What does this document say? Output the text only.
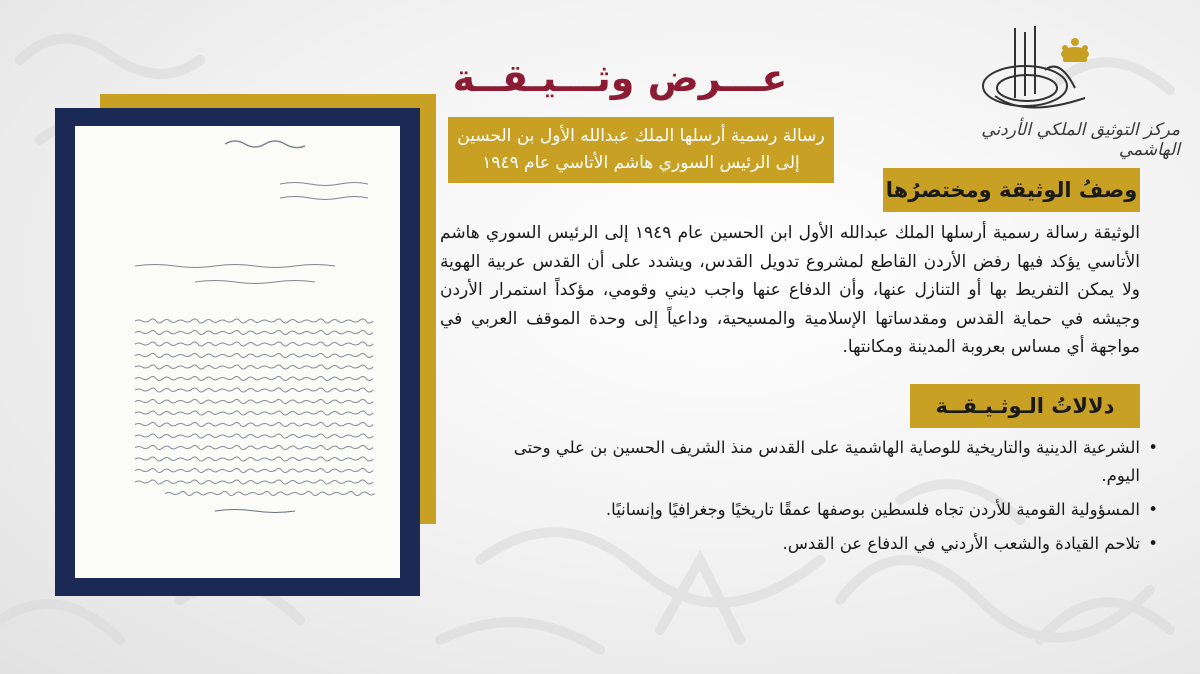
مركز التوثيق الملكي الأردني الهاشمي
عـــرض وثـــيـقــة
رسالة رسمية أرسلها الملك عبدالله الأول بن الحسين
إلى الرئيس السوري هاشم الأتاسي عام ١٩٤٩
وصفُ الوثيقة ومختصرُها
الوثيقة رسالة رسمية أرسلها الملك عبدالله الأول ابن الحسين عام ١٩٤٩ إلى الرئيس السوري هاشم الأتاسي يؤكد فيها رفض الأردن القاطع لمشروع تدويل القدس، ويشدد على أن القدس عربية الهوية ولا يمكن التفريط بها أو التنازل عنها، وأن الدفاع عنها واجب ديني وقومي، مؤكداً استمرار الأردن وجيشه في حماية القدس ومقدساتها الإسلامية والمسيحية، وداعياً إلى وحدة الموقف العربي في مواجهة أي مساس بعروبة المدينة ومكانتها.
دلالاتُ الـوثـيـقــة
• الشرعية الدينية والتاريخية للوصاية الهاشمية على القدس منذ الشريف الحسين بن علي وحتى اليوم.
• المسؤولية القومية للأردن تجاه فلسطين بوصفها عمقًا تاريخيًا وجغرافيًا وإنسانيًا.
• تلاحم القيادة والشعب الأردني في الدفاع عن القدس.
